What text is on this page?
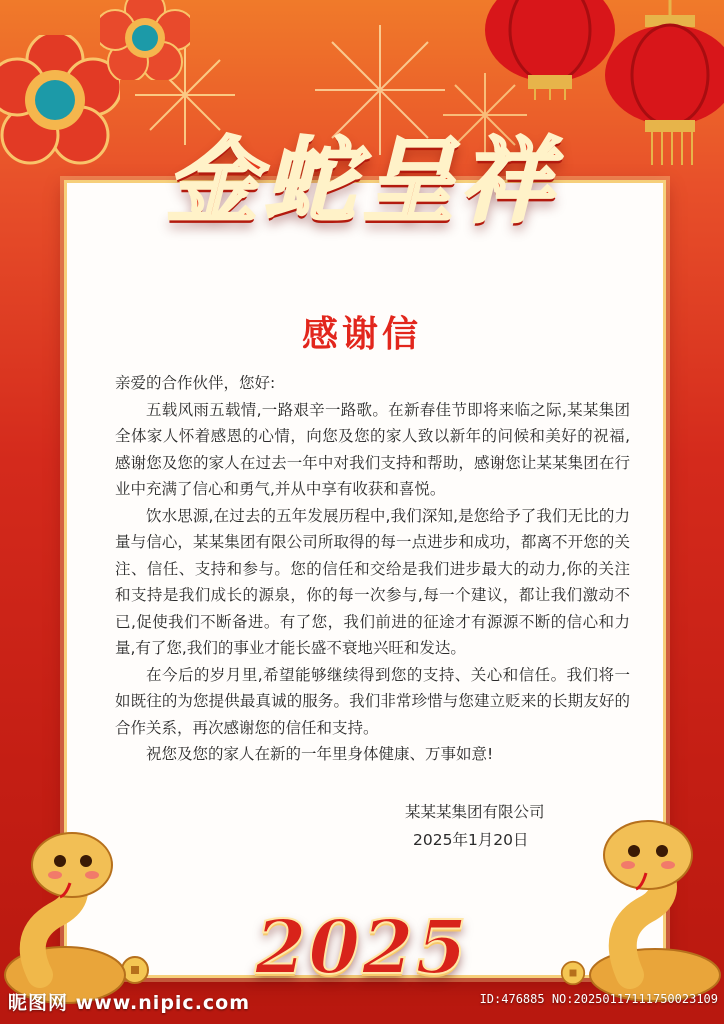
金蛇呈祥
感谢信

亲爱的合作伙伴，您好:

五载风雨五载情,一路艰辛一路歌。在新春佳节即将来临之际,某某集团全体家人怀着感恩的心情，向您及您的家人致以新年的问候和美好的祝福,感谢您及您的家人在过去一年中对我们支持和帮助，感谢您让某某集团在行业中充满了信心和勇气,并从中享有收获和喜悦。

饮水思源,在过去的五年发展历程中,我们深知,是您给予了我们无比的力量与信心，某某集团有限公司所取得的每一点进步和成功，都离不开您的关注、信任、支持和参与。您的信任和交给是我们进步最大的动力,你的关注和支持是我们成长的源泉，你的每一次参与,每一个建议，都让我们激动不已,促使我们不断备进。有了您，我们前进的征途才有源源不断的信心和力量,有了您,我们的事业才能长盛不衰地兴旺和发达。

在今后的岁月里,希望能够继续得到您的支持、关心和信任。我们将一如既往的为您提供最真诚的服务。我们非常珍惜与您建立贬来的长期友好的合作关系，再次感谢您的信任和支持。

祝您及您的家人在新的一年里身体健康、万事如意!

某某某集团有限公司
2025年1月20日
2025
昵图网 www.nipic.com	ID:476885 NO:20250117111750023109
